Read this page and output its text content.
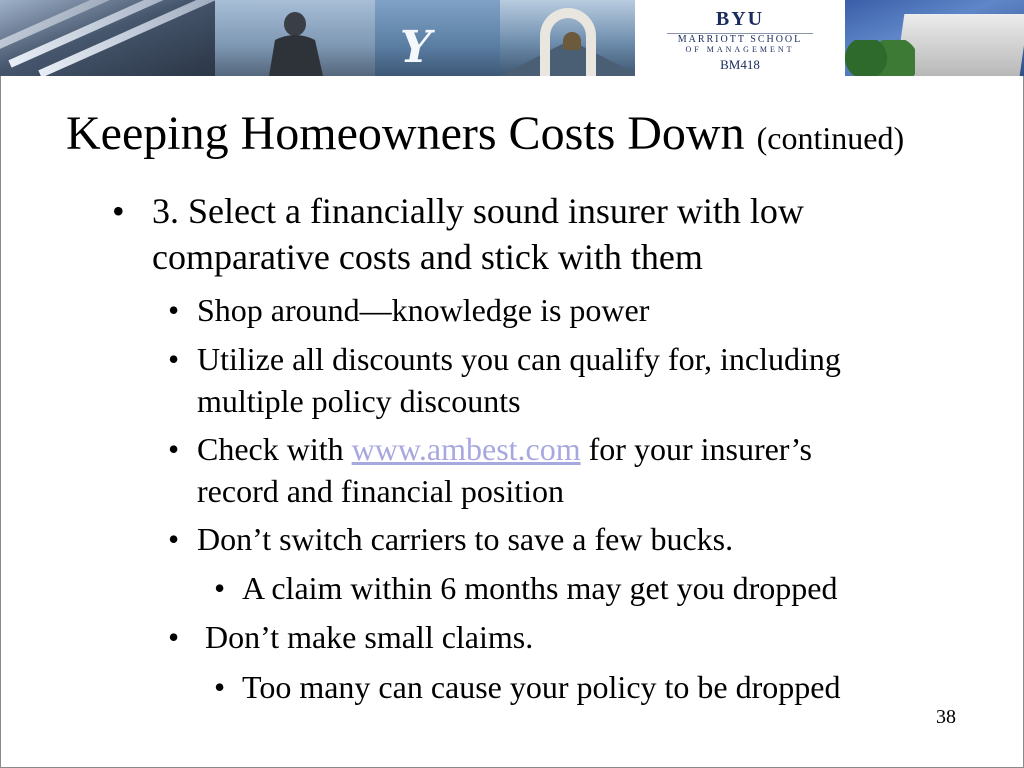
Y
BYU
MARRIOTT SCHOOL
OF MANAGEMENT
BM418
Keeping Homeowners Costs Down (continued)
• 3. Select a financially sound insurer with low
comparative costs and stick with them
• Shop around—knowledge is power
• Utilize all discounts you can qualify for, including
multiple policy discounts
• Check with www.ambest.com for your insurer’s
record and financial position
• Don’t switch carriers to save a few bucks.
• A claim within 6 months may get you dropped
• Don’t make small claims.
• Too many can cause your policy to be dropped
38
